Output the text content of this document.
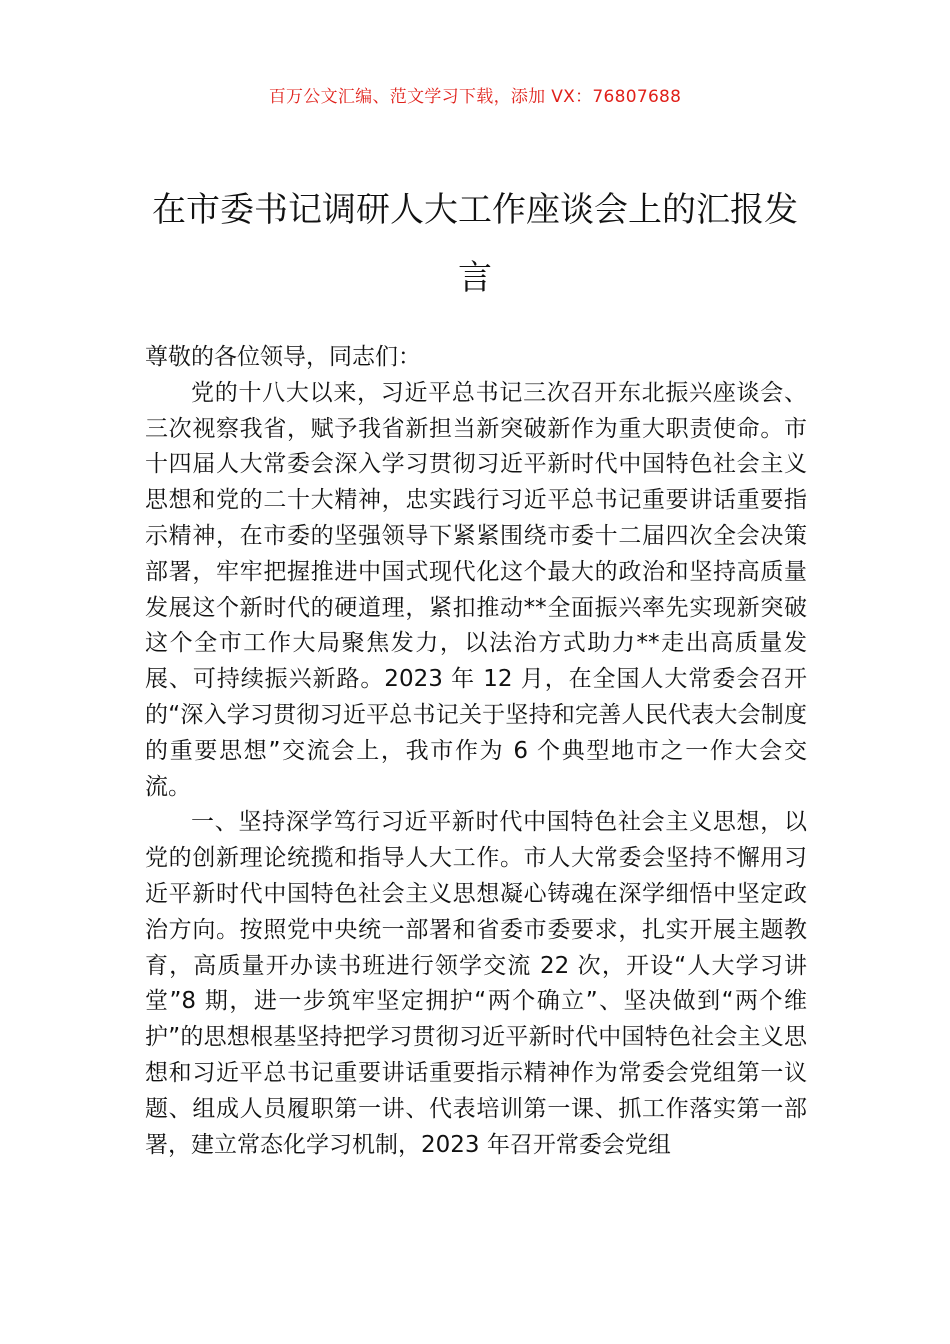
百万公文汇编、范文学习下载，添加 VX：76807688
在市委书记调研人大工作座谈会上的汇报发言

尊敬的各位领导，同志们：

党的十八大以来，习近平总书记三次召开东北振兴座谈会、三次视察我省，赋予我省新担当新突破新作为重大职责使命。市十四届人大常委会深入学习贯彻习近平新时代中国特色社会主义思想和党的二十大精神，忠实践行习近平总书记重要讲话重要指示精神，在市委的坚强领导下紧紧围绕市委十二届四次全会决策部署，牢牢把握推进中国式现代化这个最大的政治和坚持高质量发展这个新时代的硬道理，紧扣推动**全面振兴率先实现新突破这个全市工作大局聚焦发力，以法治方式助力**走出高质量发展、可持续振兴新路。2023 年 12 月，在全国人大常委会召开的“深入学习贯彻习近平总书记关于坚持和完善人民代表大会制度的重要思想”交流会上，我市作为 6 个典型地市之一作大会交流。

一、坚持深学笃行习近平新时代中国特色社会主义思想，以党的创新理论统揽和指导人大工作。市人大常委会坚持不懈用习近平新时代中国特色社会主义思想凝心铸魂在深学细悟中坚定政治方向。按照党中央统一部署和省委市委要求，扎实开展主题教育，高质量开办读书班进行领学交流 22 次，开设“人大学习讲堂”8 期，进一步筑牢坚定拥护“两个确立”、坚决做到“两个维护”的思想根基坚持把学习贯彻习近平新时代中国特色社会主义思想和习近平总书记重要讲话重要指示精神作为常委会党组第一议题、组成人员履职第一讲、代表培训第一课、抓工作落实第一部署，建立常态化学习机制，2023 年召开常委会党组
